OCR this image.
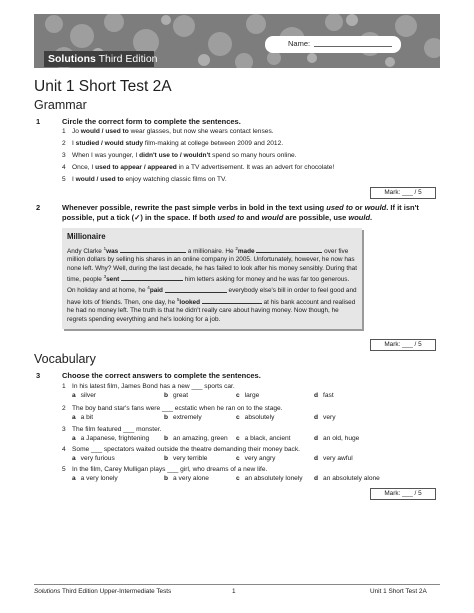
Name:
Solutions Third Edition
Unit 1 Short Test 2A
Grammar
1	Circle the correct form to complete the sentences.
1 Jo would / used to wear glasses, but now she wears contact lenses.
2 I studied / would study film-making at college between 2009 and 2012.
3 When I was younger, I didn't use to / wouldn't spend so many hours online.
4 Once, I used to appear / appeared in a TV advertisement. It was an advert for chocolate!
5 I would / used to enjoy watching classic films on TV.
Mark: ___ / 5
2	Whenever possible, rewrite the past simple verbs in bold in the text using used to or would. If it isn't possible, put a tick (✓) in the space. If both used to and would are possible, use would.
Millionaire
Andy Clarke $^1$was	a millionaire. He $^2$made	over five million dollars by selling his shares in an online company in 2005. Unfortunately, however, he now has none left. Why? Well, during the last decade, he has failed to look after his money sensibly. During that time, people $^3$sent	him letters asking for money and he was far too generous. On holiday and at home, he $^4$paid	everybody else's bill in order to feel good and have lots of friends. Then, one day, he $^5$looked	at his bank account and realised he had no money left. The truth is that he didn't really care about having money. Now though, he regrets spending everything and he's looking for a job.
Mark: ___ / 5
Vocabulary
3	Choose the correct answers to complete the sentences.
1 In his latest film, James Bond has a new ___ sports car.
a silver	b great	c large	d fast
2 The boy band star's fans were ___ ecstatic when he ran on to the stage.
a a bit	b extremely	c absolutely	d very
3 The film featured ___ monster.
a a Japanese, frightening b an amazing, green c a black, ancient	d an old, huge
4 Some ___ spectators waited outside the theatre demanding their money back.
a very furious	b very terrible	c very angry	d very awful
5 In the film, Carey Mulligan plays ___ girl, who dreams of a new life.
a a very lonely	b a very alone	c an absolutely lonely d an absolutely alone
Mark: ___ / 5
Solutions Third Edition Upper-Intermediate Tests	1	Unit 1 Short Test 2A
